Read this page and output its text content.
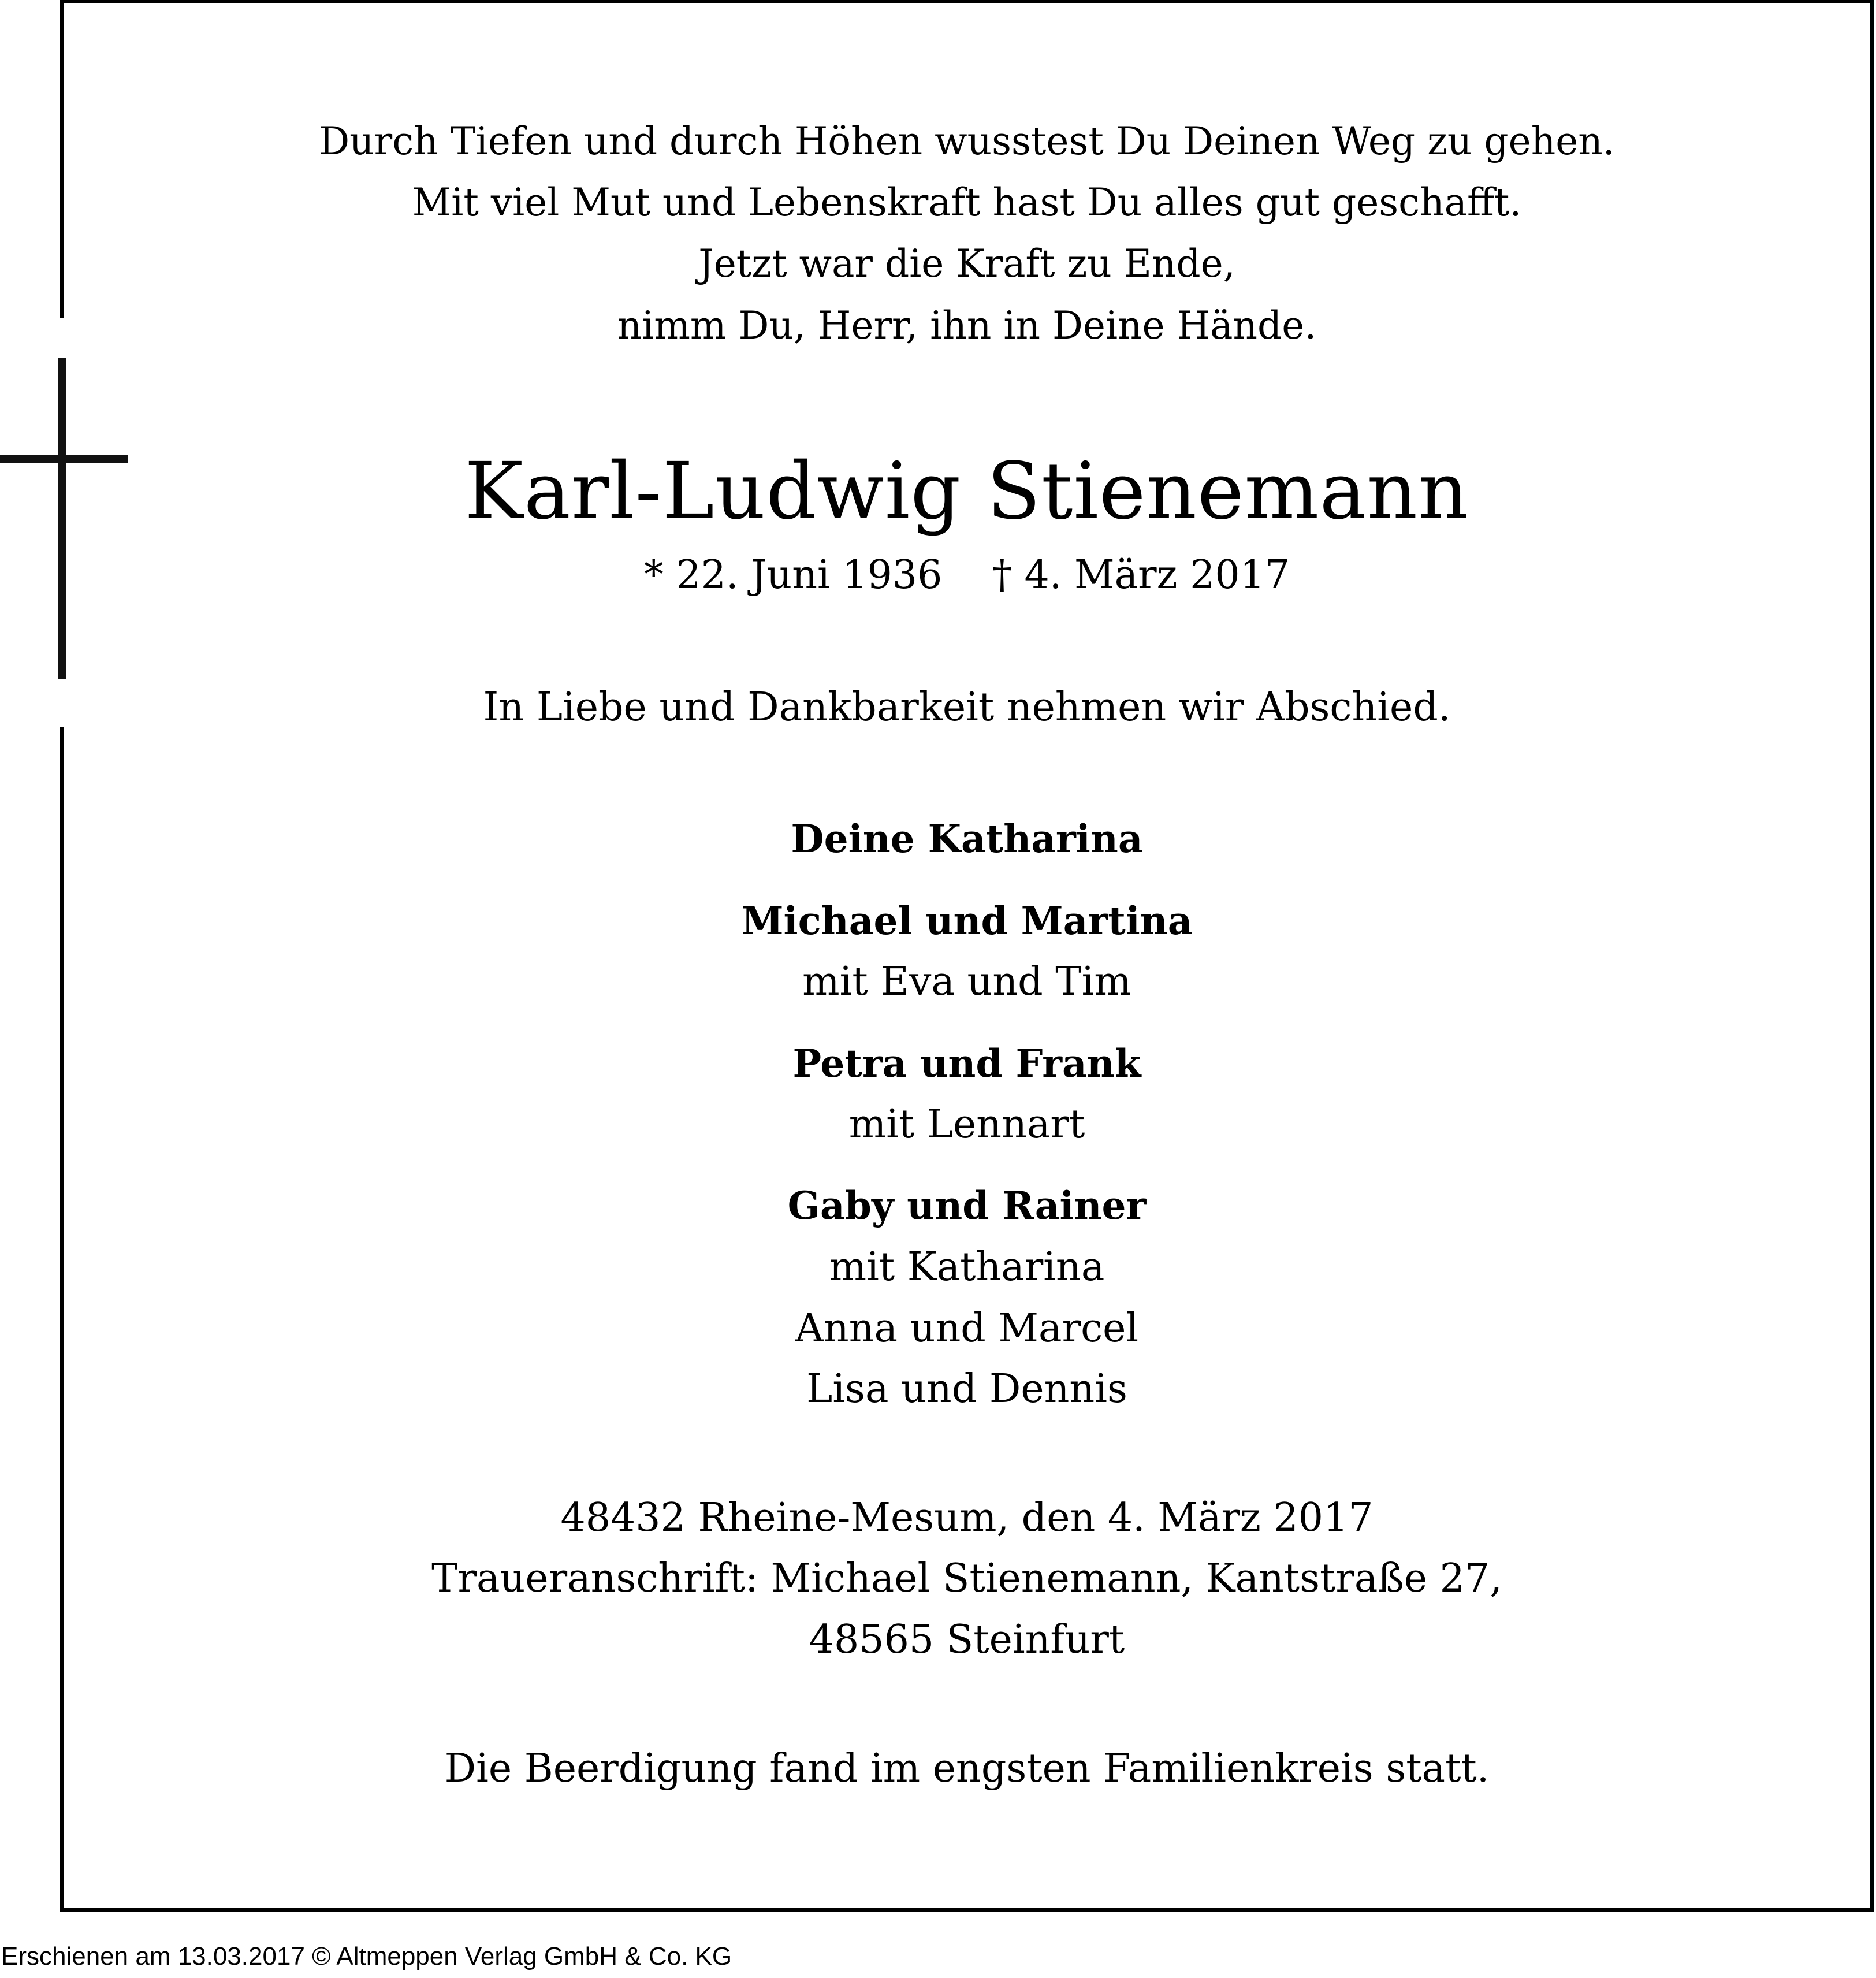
Durch Tiefen und durch Höhen wusstest Du Deinen Weg zu gehen.
Mit viel Mut und Lebenskraft hast Du alles gut geschafft.
Jetzt war die Kraft zu Ende,
nimm Du, Herr, ihn in Deine Hände.
Karl-Ludwig Stienemann
* 22. Juni 1936    † 4. März 2017
In Liebe und Dankbarkeit nehmen wir Abschied.
Deine Katharina
Michael und Martina
mit Eva und Tim
Petra und Frank
mit Lennart
Gaby und Rainer
mit Katharina
Anna und Marcel
Lisa und Dennis
48432 Rheine-Mesum, den 4. März 2017
Traueranschrift: Michael Stienemann, Kantstraße 27,
48565 Steinfurt
Die Beerdigung fand im engsten Familienkreis statt.
Erschienen am 13.03.2017 © Altmeppen Verlag GmbH & Co. KG
